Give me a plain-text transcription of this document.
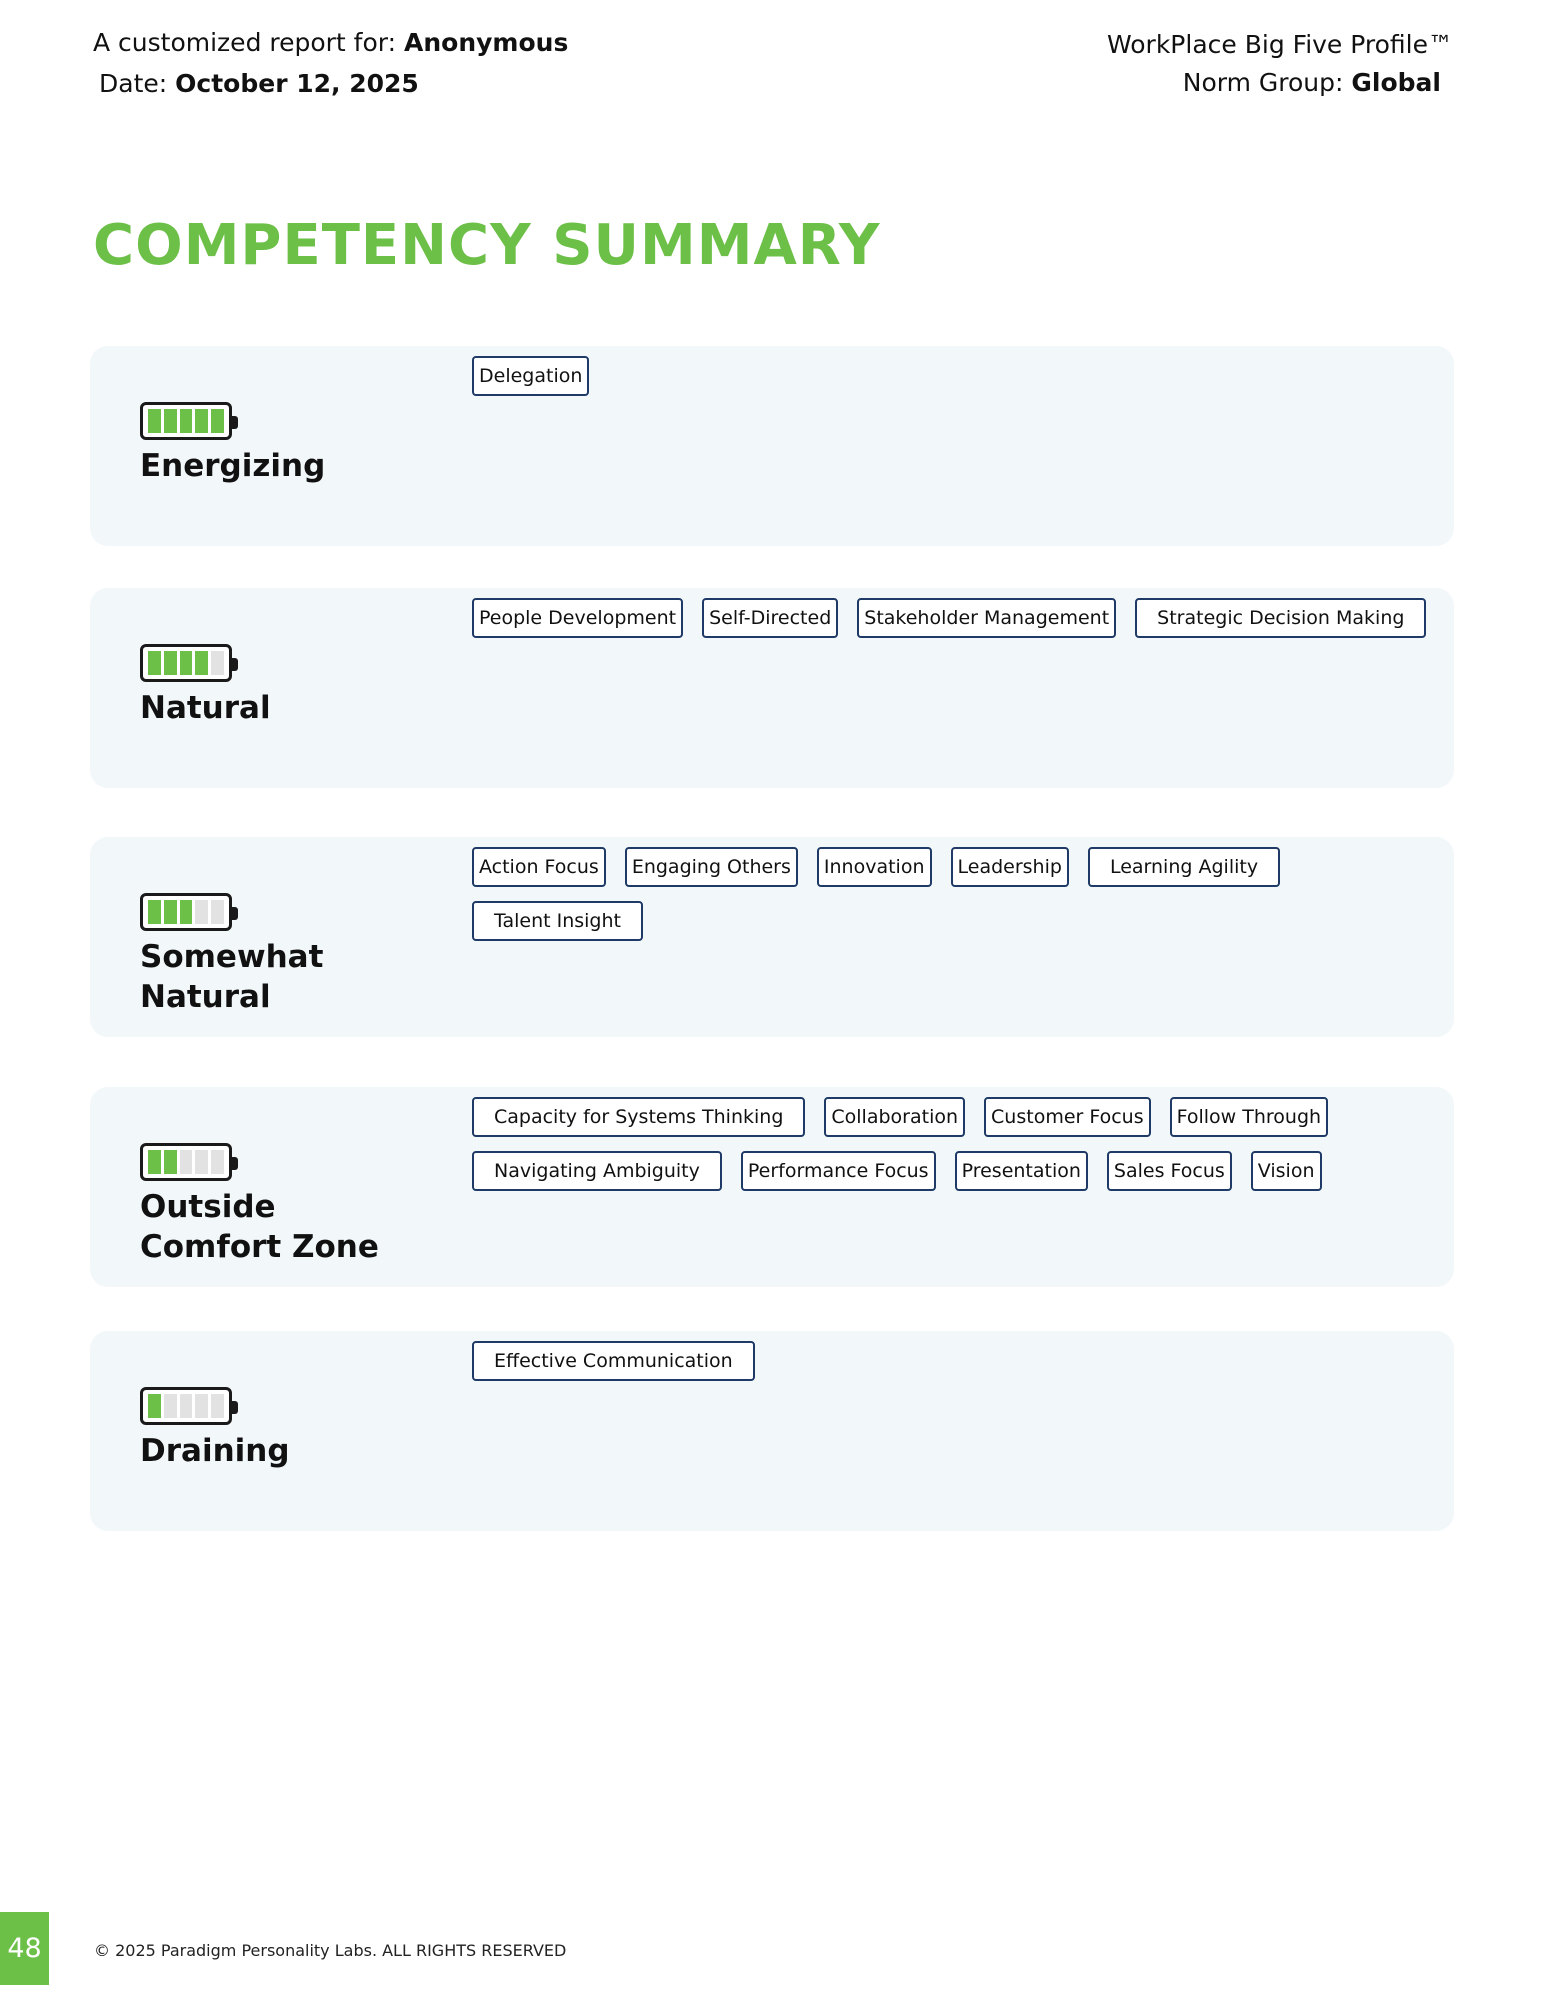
A customized report for: Anonymous
Date: October 12, 2025
WorkPlace Big Five Profile™
Norm Group: Global
COMPETENCY SUMMARY
Energizing
Delegation
Natural
People Development	Self-Directed	Stakeholder Management	Strategic Decision Making
Somewhat Natural
Action Focus	Engaging Others	Innovation	Leadership	Learning Agility
Talent Insight
Outside Comfort Zone
Capacity for Systems Thinking	Collaboration	Customer Focus	Follow Through
Navigating Ambiguity	Performance Focus	Presentation	Sales Focus	Vision
Draining
Effective Communication
48	© 2025 Paradigm Personality Labs. ALL RIGHTS RESERVED
